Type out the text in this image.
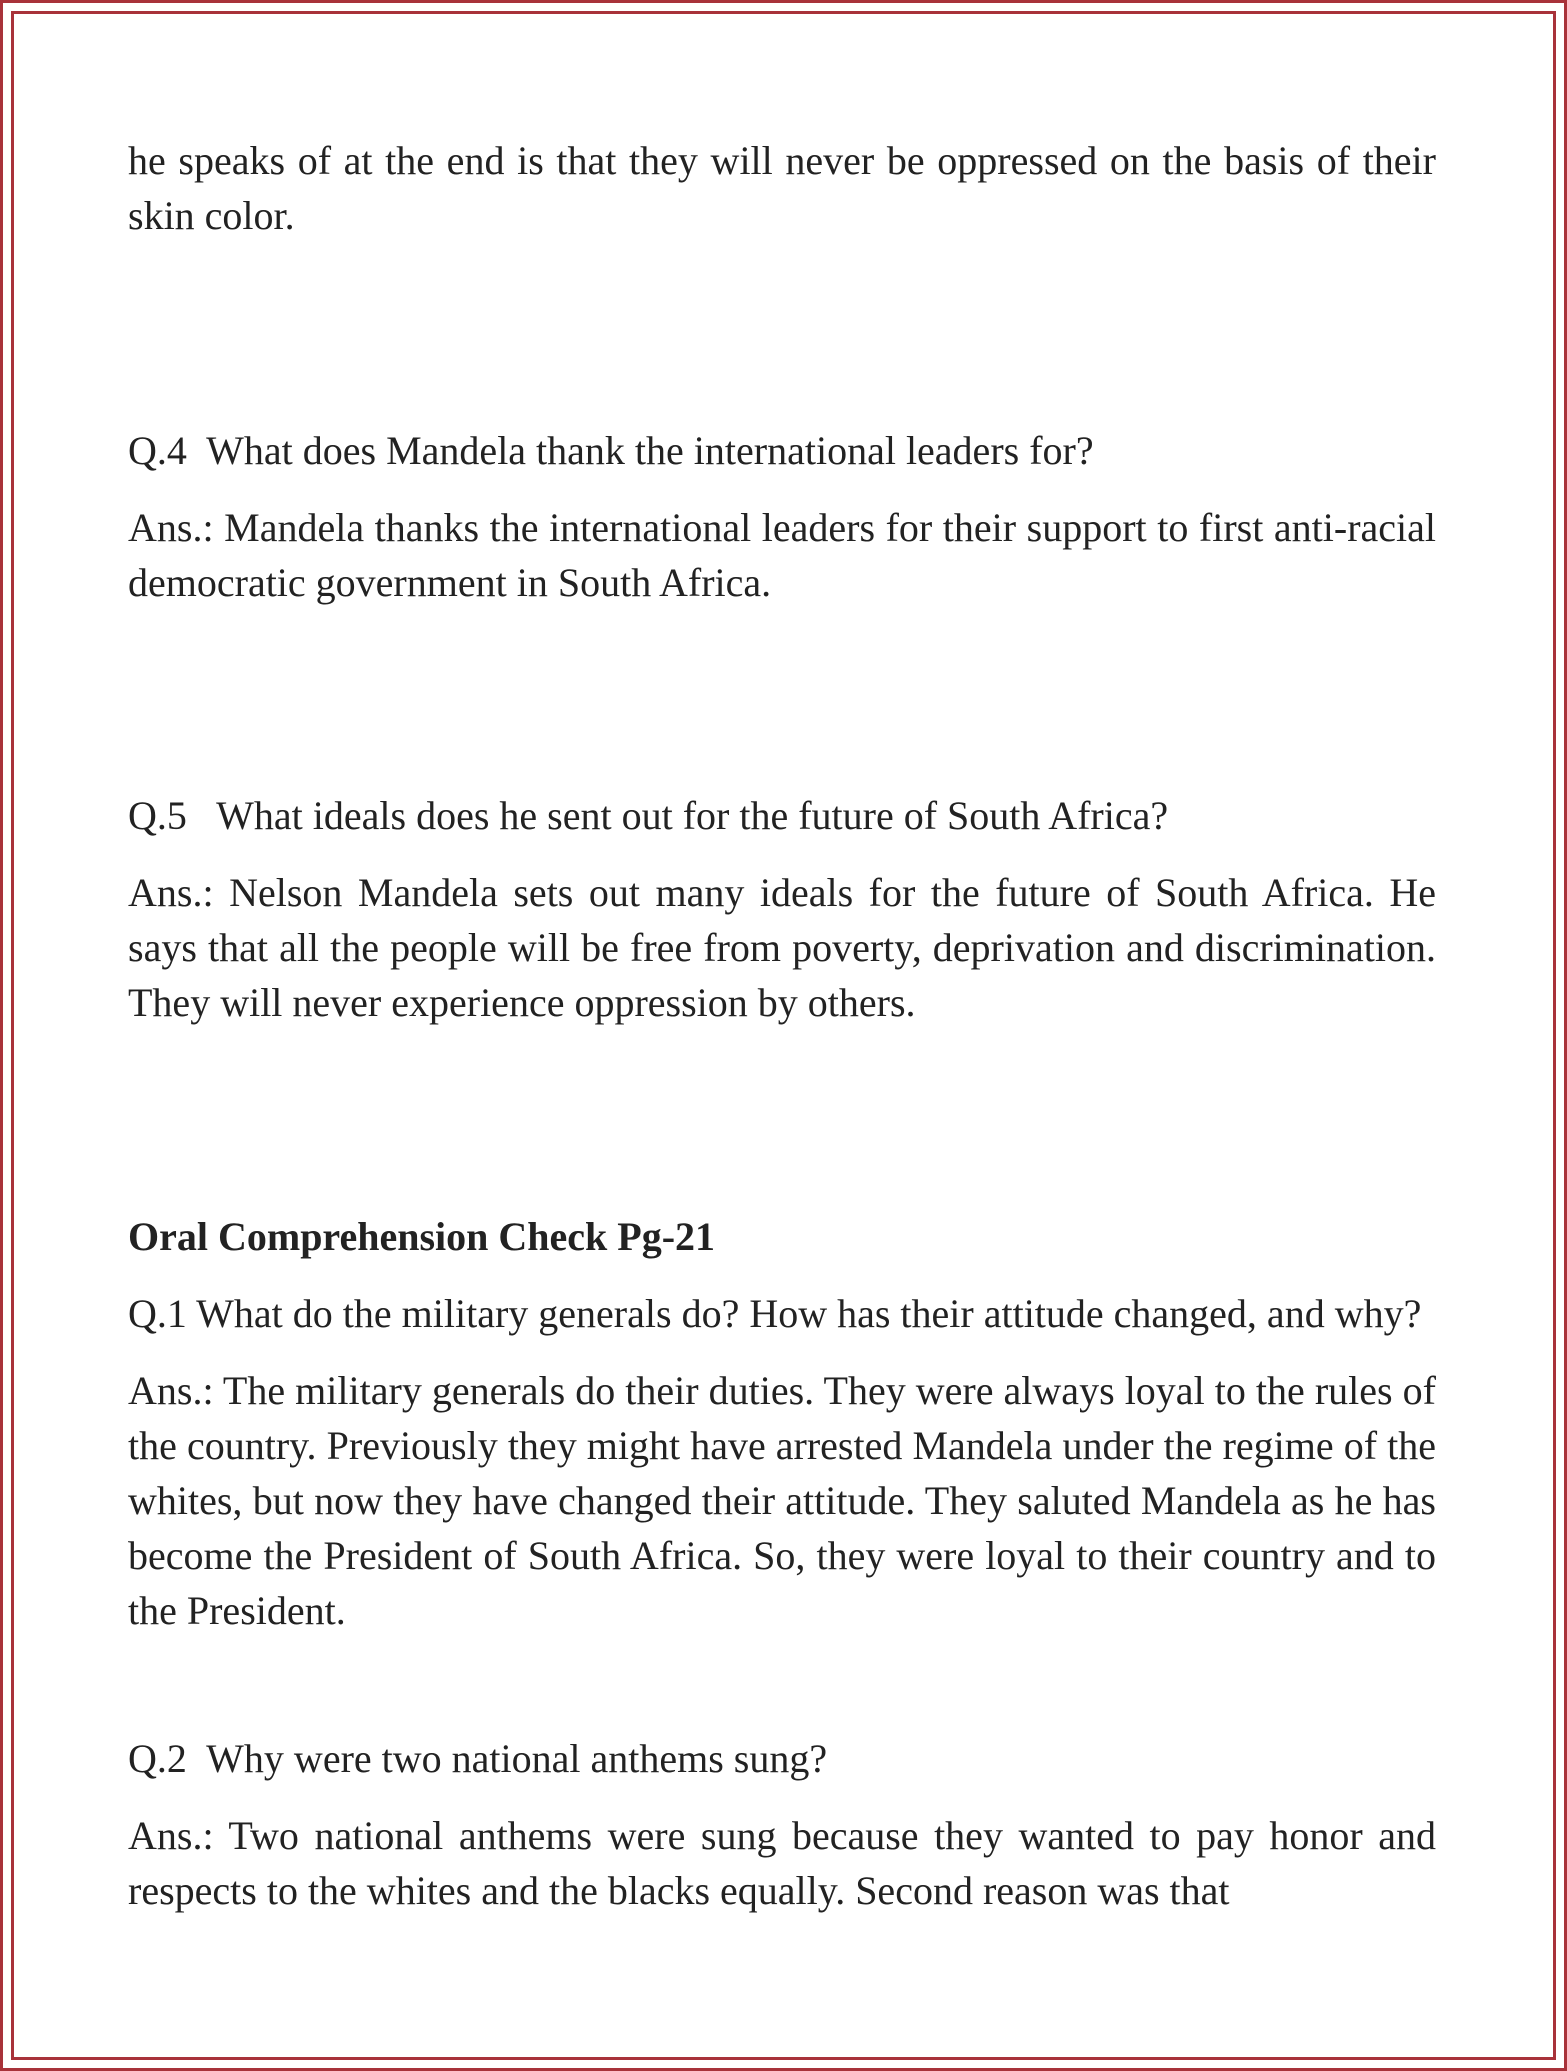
he speaks of at the end is that they will never be oppressed on the basis of their skin color.

Q.4 What does Mandela thank the international leaders for?

Ans.: Mandela thanks the international leaders for their support to first anti-racial democratic government in South Africa.

Q.5 What ideals does he sent out for the future of South Africa?

Ans.: Nelson Mandela sets out many ideals for the future of South Africa. He says that all the people will be free from poverty, deprivation and discrimination. They will never experience oppression by others.

Oral Comprehension Check Pg-21

Q.1 What do the military generals do? How has their attitude changed, and why?

Ans.: The military generals do their duties. They were always loyal to the rules of the country. Previously they might have arrested Mandela under the regime of the whites, but now they have changed their attitude. They saluted Mandela as he has become the President of South Africa. So, they were loyal to their country and to the President.

Q.2 Why were two national anthems sung?

Ans.: Two national anthems were sung because they wanted to pay honor and respects to the whites and the blacks equally. Second reason was that
